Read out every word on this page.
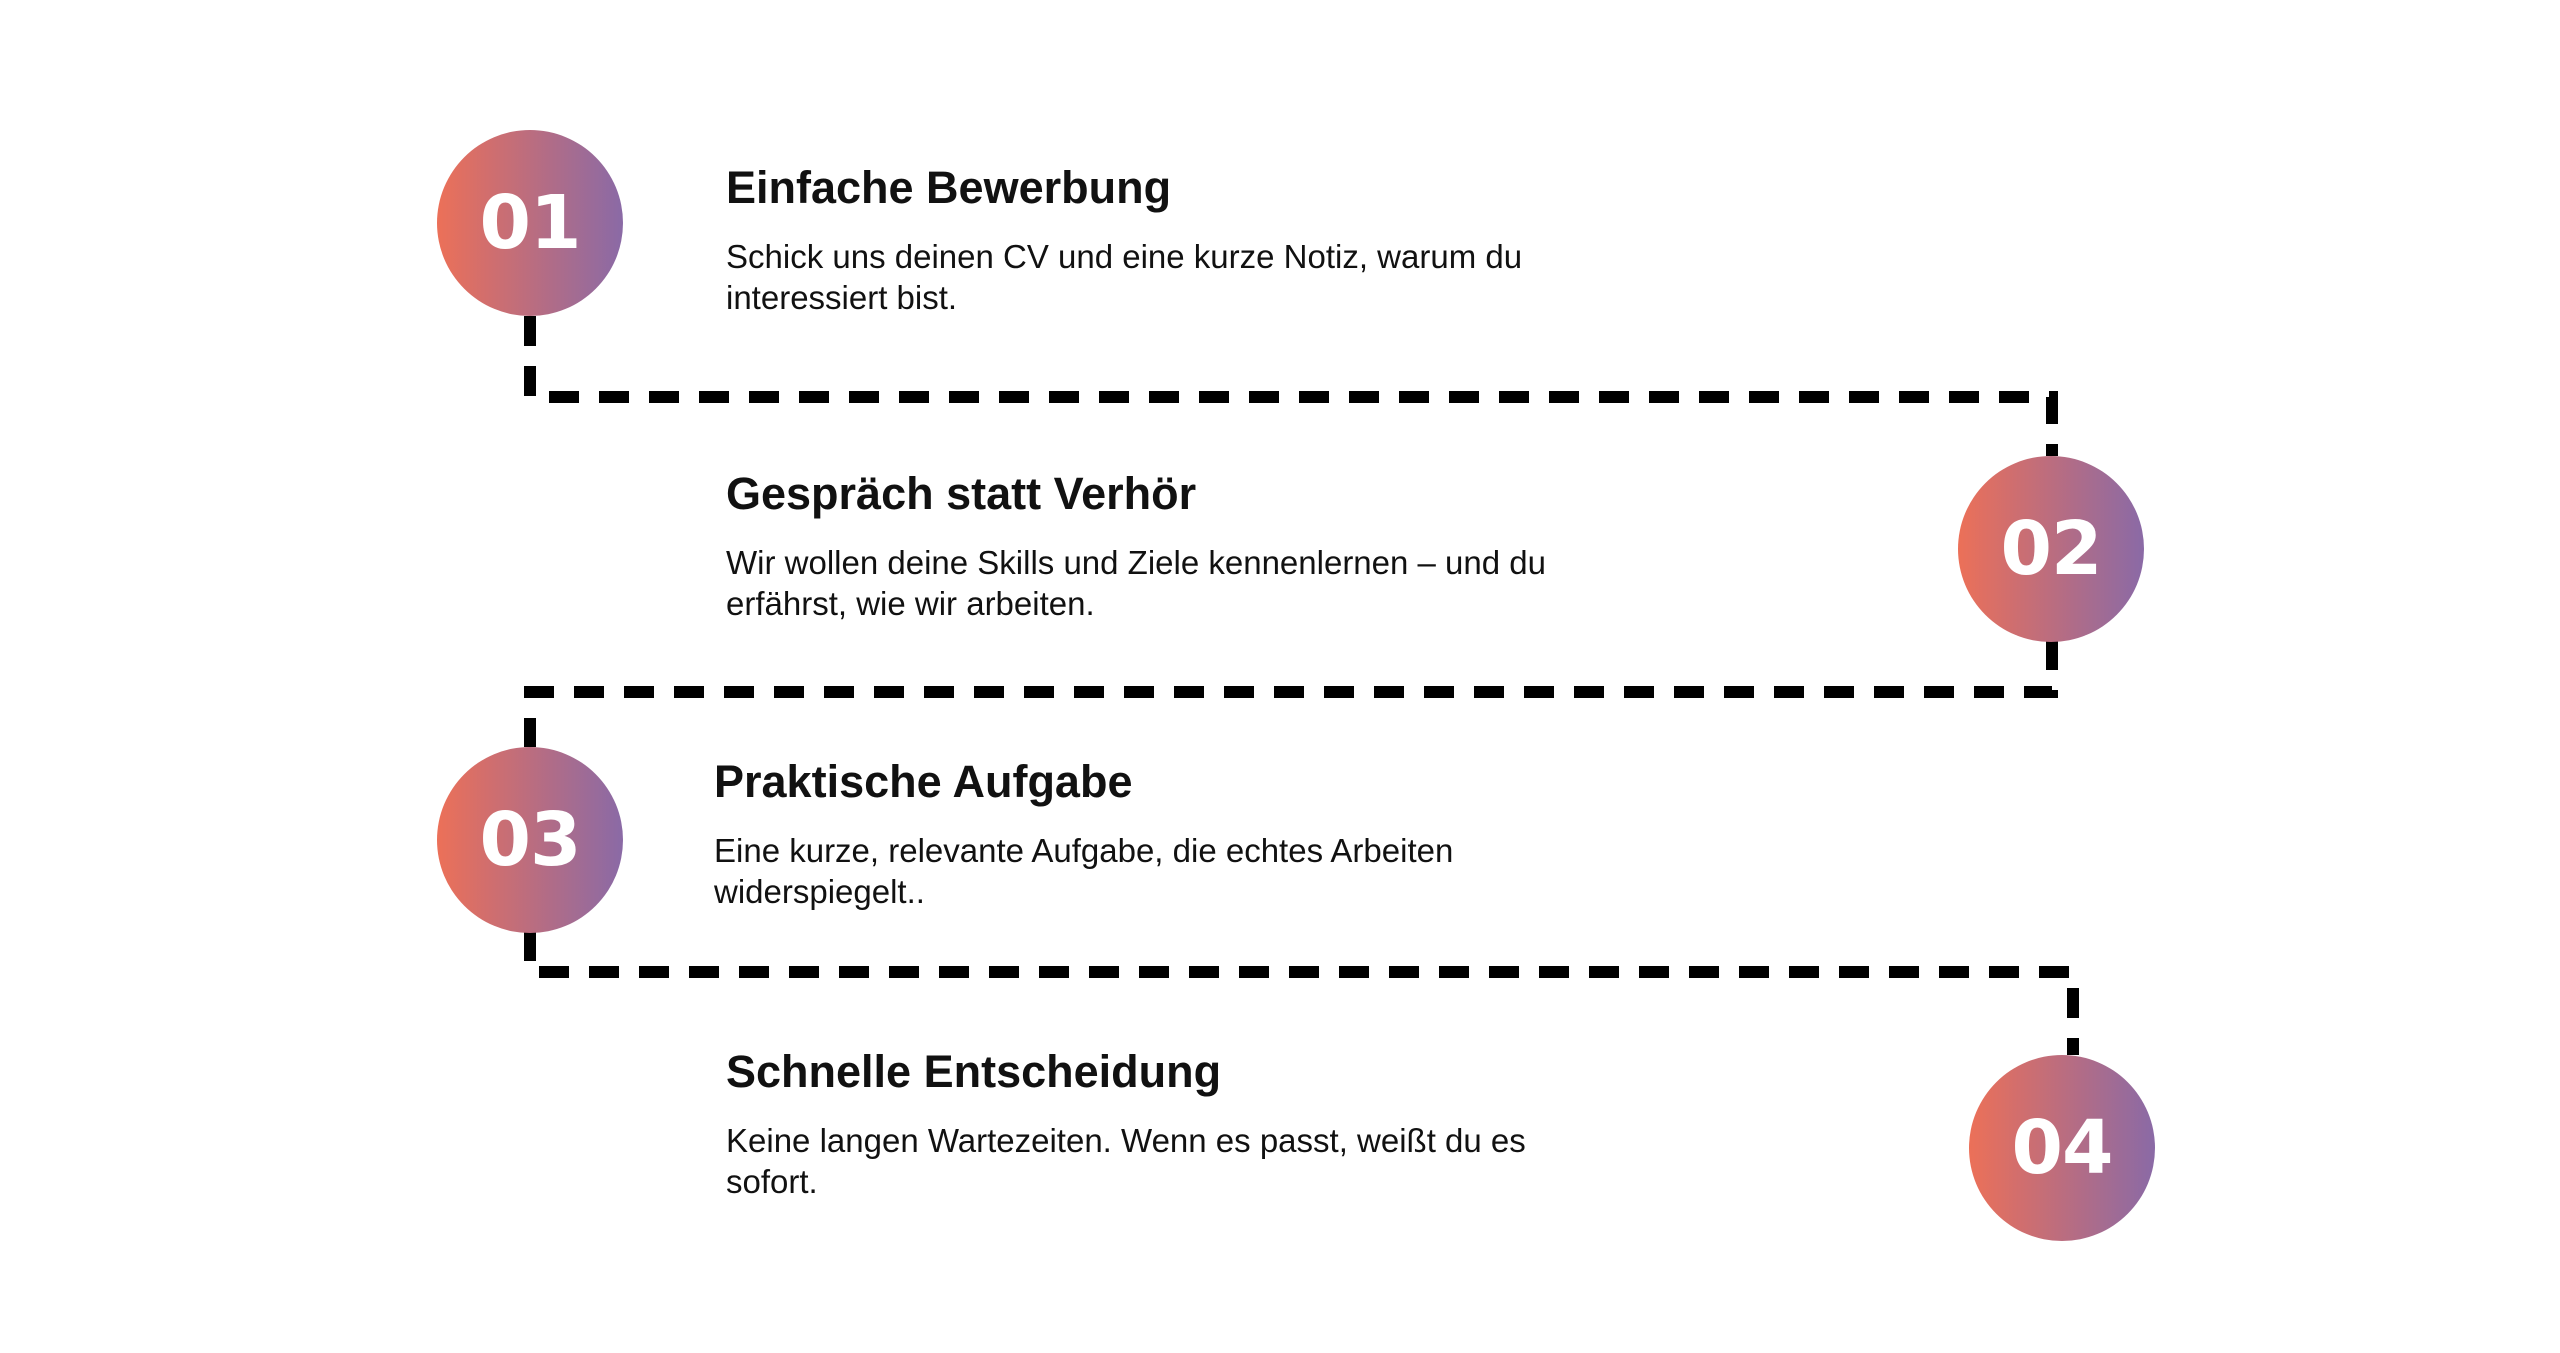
01	Einfache Bewerbung

Schick uns deinen CV und eine kurze Notiz, warum du interessiert bist.

02
Gespräch statt Verhör

Wir wollen deine Skills und Ziele kennenlernen – und du erfährst, wie wir arbeiten.

03
Praktische Aufgabe

Eine kurze, relevante Aufgabe, die echtes Arbeiten widerspiegelt..

04
Schnelle Entscheidung

Keine langen Wartezeiten. Wenn es passt, weißt du es sofort.
